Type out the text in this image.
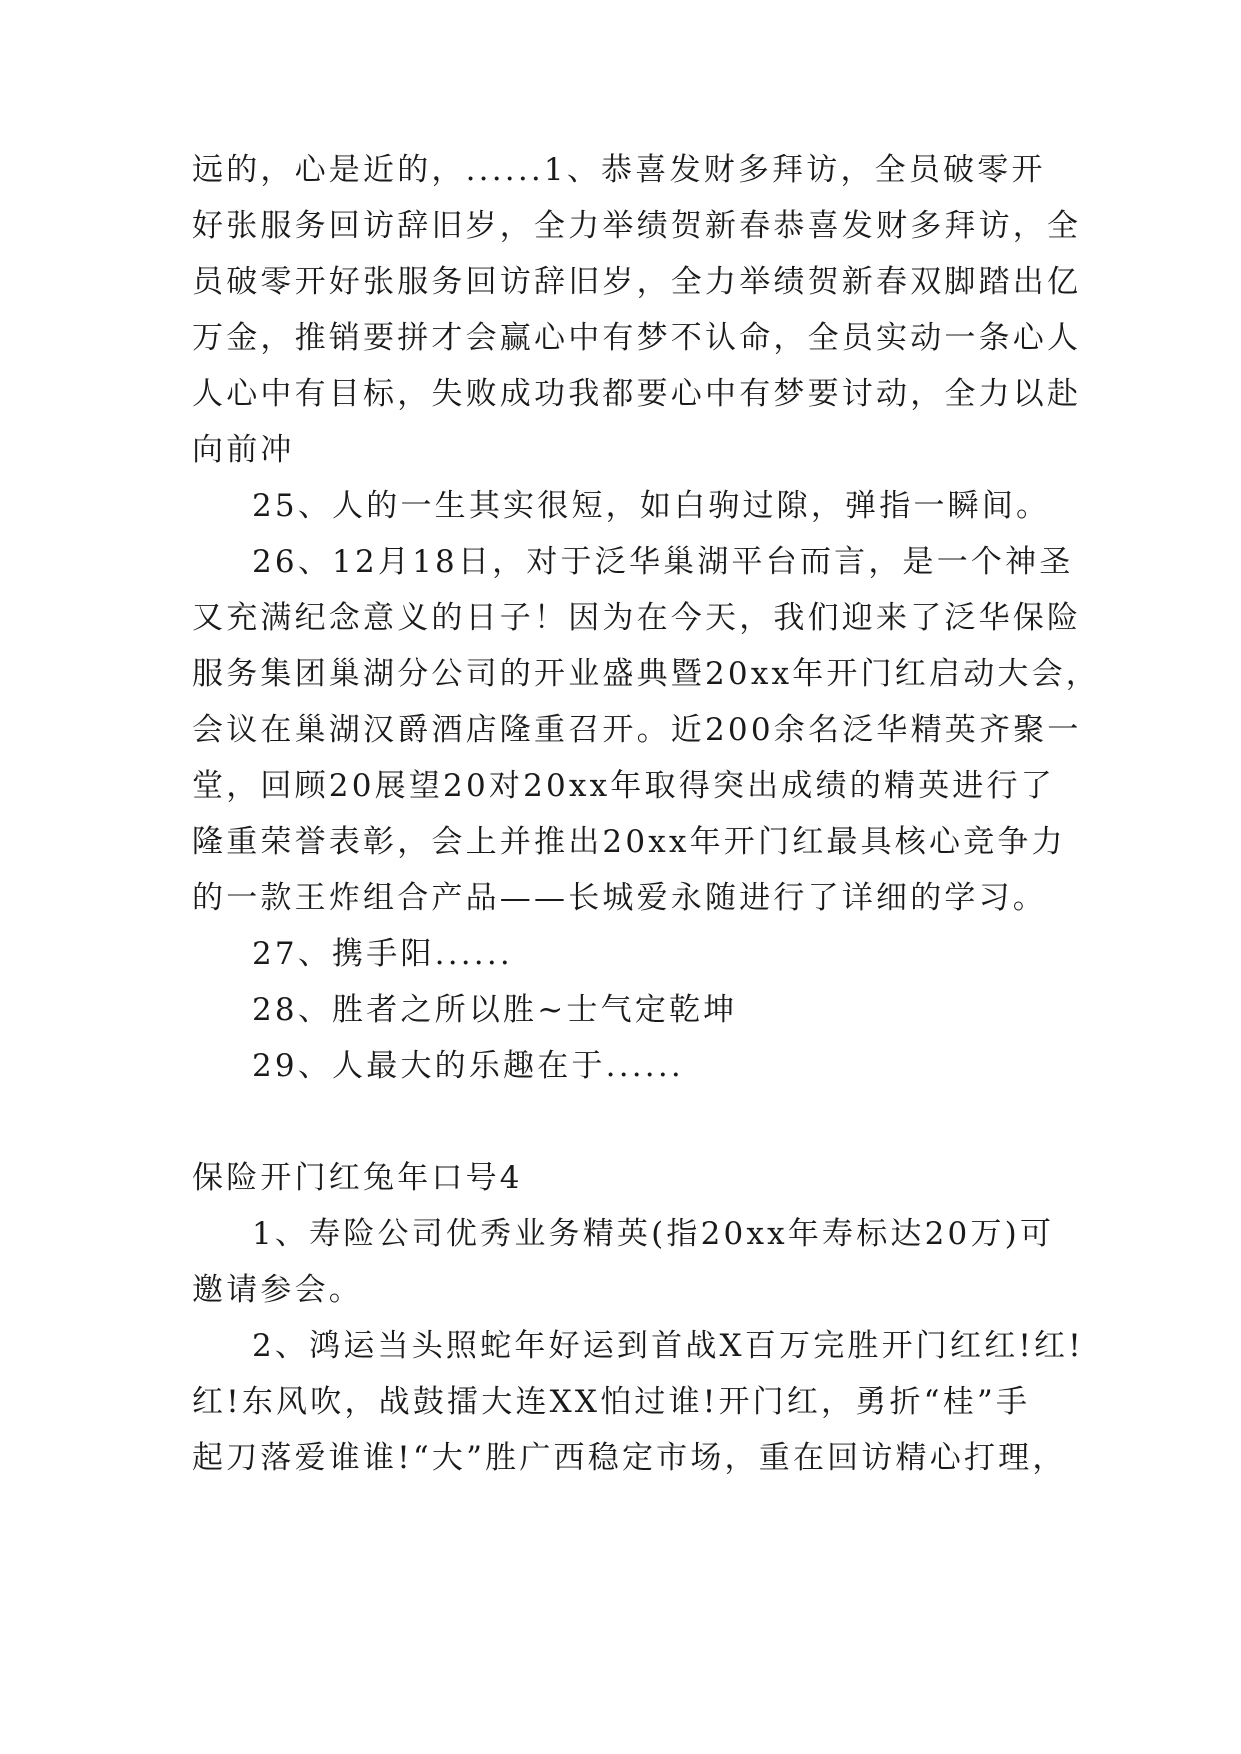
远的，心是近的，......1、恭喜发财多拜访，全员破零开
好张服务回访辞旧岁，全力举绩贺新春恭喜发财多拜访，全
员破零开好张服务回访辞旧岁，全力举绩贺新春双脚踏出亿
万金，推销要拼才会赢心中有梦不认命，全员实动一条心人
人心中有目标，失败成功我都要心中有梦要讨动，全力以赴
向前冲
25、人的一生其实很短，如白驹过隙，弹指一瞬间。
26、12月18日，对于泛华巢湖平台而言，是一个神圣
又充满纪念意义的日子！因为在今天，我们迎来了泛华保险
服务集团巢湖分公司的开业盛典暨20xx年开门红启动大会，
会议在巢湖汉爵酒店隆重召开。近200余名泛华精英齐聚一
堂，回顾20展望20对20xx年取得突出成绩的精英进行了
隆重荣誉表彰，会上并推出20xx年开门红最具核心竞争力
的一款王炸组合产品——长城爱永随进行了详细的学习。
27、携手阳......
28、胜者之所以胜~士气定乾坤
29、人最大的乐趣在于......
保险开门红兔年口号4
1、寿险公司优秀业务精英(指20xx年寿标达20万)可
邀请参会。
2、鸿运当头照蛇年好运到首战X百万完胜开门红红!红!
红!东风吹，战鼓擂大连XX怕过谁!开门红，勇折“桂”手
起刀落爱谁谁!“大”胜广西稳定市场，重在回访精心打理，
